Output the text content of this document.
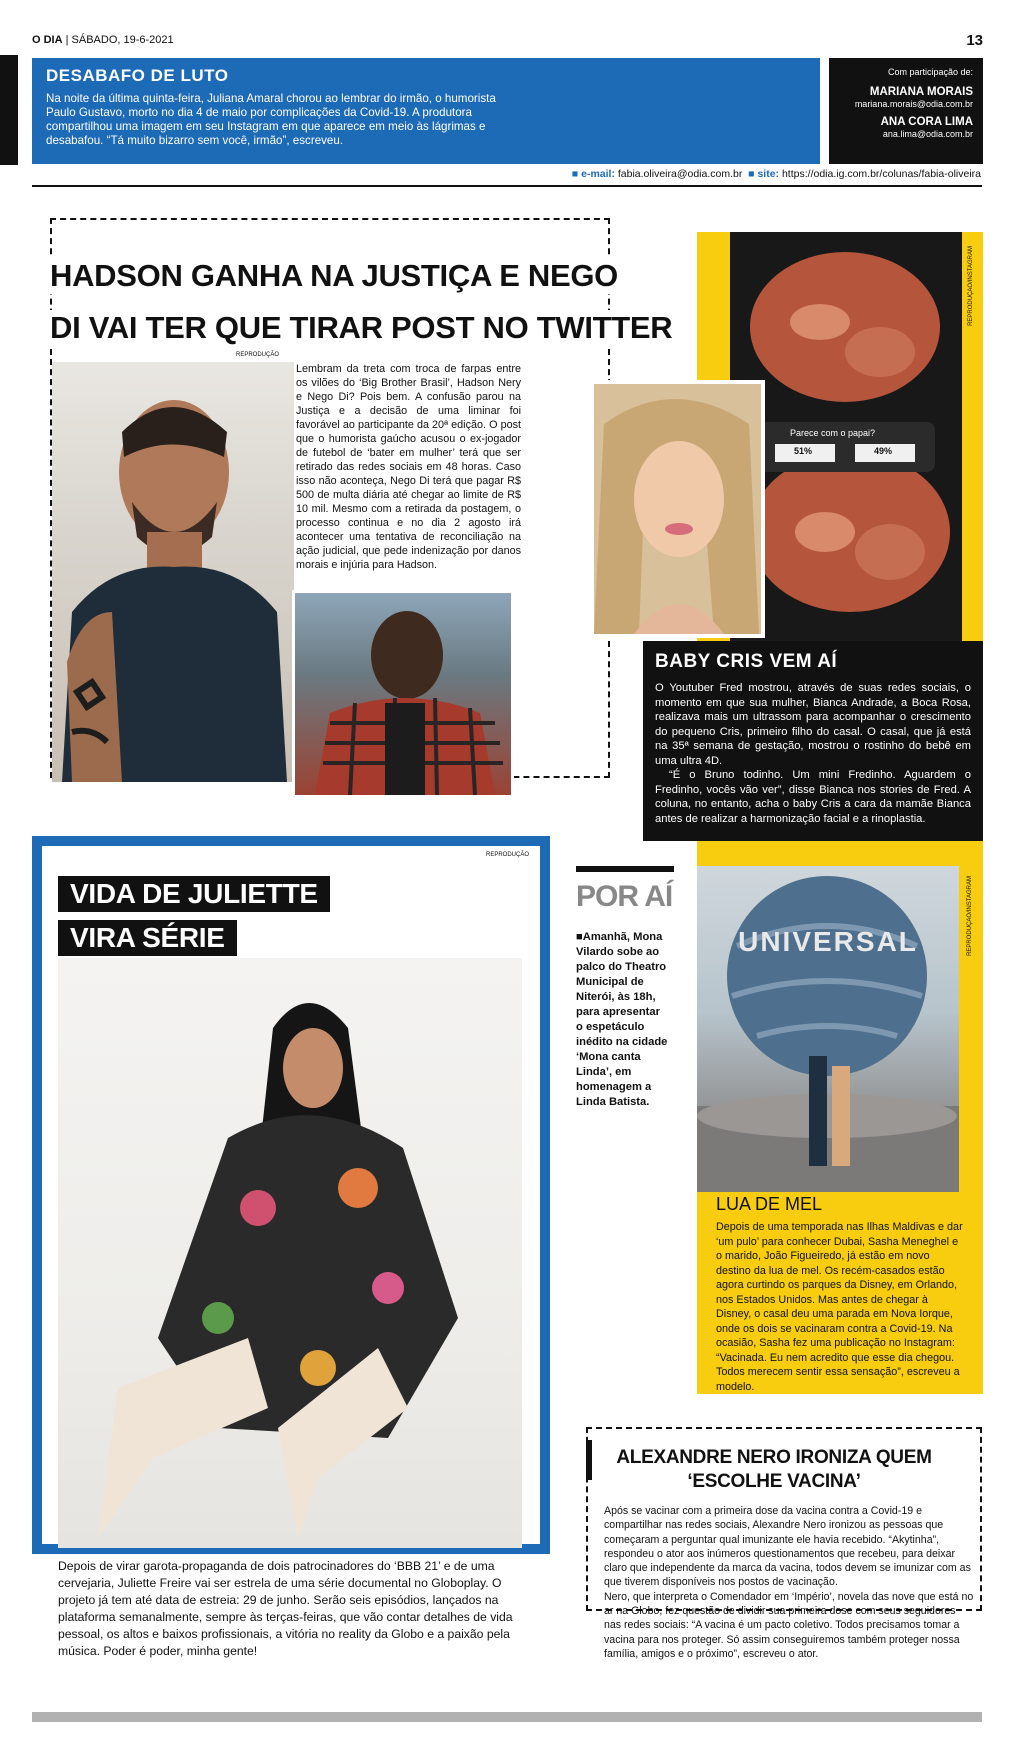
O DIA | SÁBADO, 19-6-2021	13
DESABAFO DE LUTO

Na noite da última quinta-feira, Juliana Amaral chorou ao lembrar do irmão, o humorista Paulo Gustavo, morto no dia 4 de maio por complicações da Covid-19. A produtora compartilhou uma imagem em seu Instagram em que aparece em meio às lágrimas e desabafou. “Tá muito bizarro sem você, irmão”, escreveu.

Com participação de:
MARIANA MORAIS
mariana.morais@odia.com.br
ANA CORA LIMA
ana.lima@odia.com.br
■ e-mail: fabia.oliveira@odia.com.br ■ site: https://odia.ig.com.br/colunas/fabia-oliveira
HADSON GANHA NA JUSTIÇA E NEGO
DI VAI TER QUE TIRAR POST NO TWITTER
REPRODUÇÃO
Lembram da treta com troca de farpas entre os vilões do ‘Big Brother Brasil’, Hadson Nery e Nego Di? Pois bem. A confusão parou na Justiça e a decisão de uma liminar foi favorável ao participante da 20ª edição. O post que o humorista gaúcho acusou o ex-jogador de futebol de ‘bater em mulher’ terá que ser retirado das redes sociais em 48 horas. Caso isso não aconteça, Nego Di terá que pagar R$ 500 de multa diária até chegar ao limite de R$ 10 mil. Mesmo com a retirada da postagem, o processo continua e no dia 2 agosto irá acontecer uma tentativa de reconciliação na ação judicial, que pede indenização por danos morais e injúria para Hadson.
REPRODUÇÃO/INSTAGRAM
Parece com o papai?
51%	49%
BABY CRIS VEM AÍ

O Youtuber Fred mostrou, através de suas redes sociais, o momento em que sua mulher, Bianca Andrade, a Boca Rosa, realizava mais um ultrassom para acompanhar o crescimento do pequeno Cris, primeiro filho do casal. O casal, que já está na 35ª semana de gestação, mostrou o rostinho do bebê em uma ultra 4D.

“É o Bruno todinho. Um mini Fredinho. Aguardem o Fredinho, vocês vão ver”, disse Bianca nos stories de Fred. A coluna, no entanto, acha o baby Cris a cara da mamãe Bianca antes de realizar a harmonização facial e a rinoplastia.

REPRODUÇÃO
VIDA DE JULIETTE
VIRA SÉRIE
Depois de virar garota-propaganda de dois patrocinadores do ‘BBB 21’ e de uma cervejaria, Juliette Freire vai ser estrela de uma série documental no Globoplay. O projeto já tem até data de estreia: 29 de junho. Serão seis episódios, lançados na plataforma semanalmente, sempre às terças-feiras, que vão contar detalhes de vida pessoal, os altos e baixos profissionais, a vitória no reality da Globo e a paixão pela música. Poder é poder, minha gente!
POR AÍ
■Amanhã, Mona Vilardo sobe ao palco do Theatro Municipal de Niterói, às 18h, para apresentar o espetáculo inédito na cidade ‘Mona canta Linda’, em homenagem a Linda Batista.
REPRODUÇÃO/INSTAGRAM
UNIVERSAL
LUA DE MEL
Depois de uma temporada nas Ilhas Maldivas e dar ‘um pulo’ para conhecer Dubai, Sasha Meneghel e o marido, João Figueiredo, já estão em novo destino da lua de mel. Os recém-casados estão agora curtindo os parques da Disney, em Orlando, nos Estados Unidos. Mas antes de chegar à Disney, o casal deu uma parada em Nova Iorque, onde os dois se vacinaram contra a Covid-19. Na ocasião, Sasha fez uma publicação no Instagram: “Vacinada. Eu nem acredito que esse dia chegou. Todos merecem sentir essa sensação”, escreveu a modelo.
ALEXANDRE NERO IRONIZA QUEM ‘ESCOLHE VACINA’

Após se vacinar com a primeira dose da vacina contra a Covid-19 e compartilhar nas redes sociais, Alexandre Nero ironizou as pessoas que começaram a perguntar qual imunizante ele havia recebido. “Akytinha”, respondeu o ator aos inúmeros questionamentos que recebeu, para deixar claro que independente da marca da vacina, todos devem se imunizar com as que tiverem disponíveis nos postos de vacinação.

Nero, que interpreta o Comendador em ‘Império’, novela das nove que está no ar na Globo, fez questão de dividir sua primeira dose com seus seguidores nas redes sociais: “A vacina é um pacto coletivo. Todos precisamos tomar a vacina para nos proteger. Só assim conseguiremos também proteger nossa família, amigos e o próximo”, escreveu o ator.
